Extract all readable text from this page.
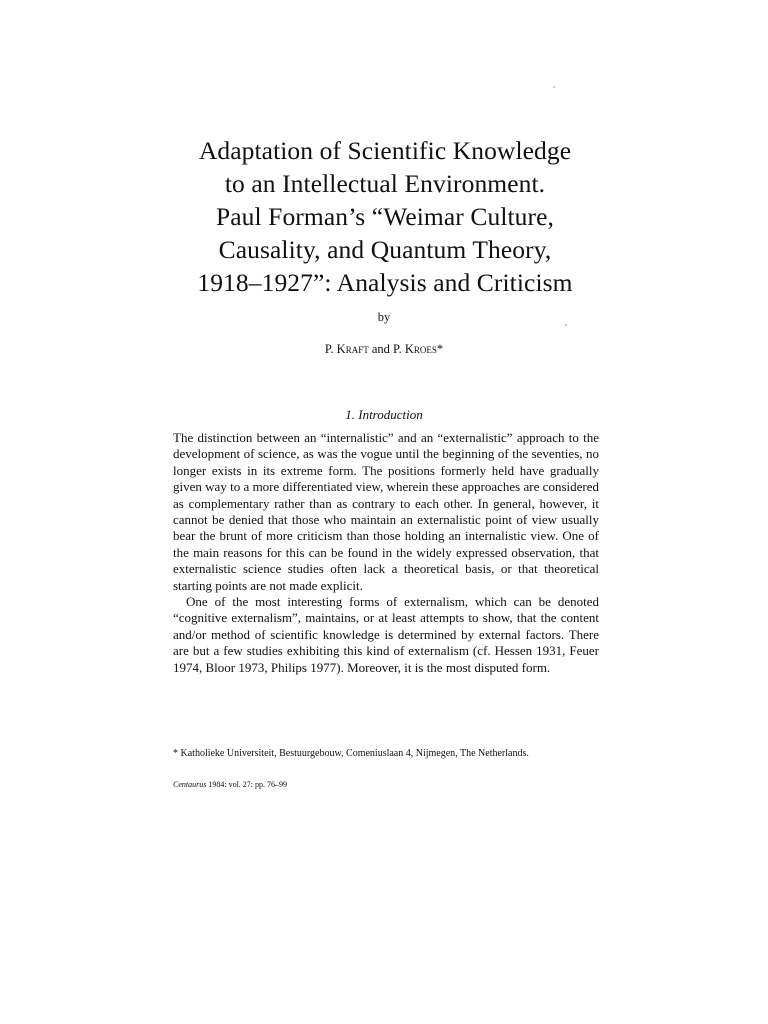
Adaptation of Scientific Knowledge
to an Intellectual Environment.
Paul Forman’s “Weimar Culture,
Causality, and Quantum Theory,
1918–1927”: Analysis and Criticism
by
P. Kraft and P. Kroes*
1. Introduction

The distinction between an “internalistic” and an “externalistic” approach to the development of science, as was the vogue until the beginning of the seventies, no longer exists in its extreme form. The positions formerly held have gradually given way to a more differentiated view, wherein these approaches are considered as complementary rather than as contrary to each other. In general, however, it cannot be denied that those who maintain an externalistic point of view usually bear the brunt of more criticism than those holding an internalistic view. One of the main reasons for this can be found in the widely expressed observation, that externalistic science studies often lack a theoretical basis, or that theoretical starting points are not made explicit.

One of the most interesting forms of externalism, which can be denoted “cognitive externalism”, maintains, or at least attempts to show, that the content and/or method of scientific knowledge is determined by external factors. There are but a few studies exhibiting this kind of externalism (cf. Hessen 1931, Feuer 1974, Bloor 1973, Philips 1977). Moreover, it is the most disputed form.

* Katholieke Universiteit, Bestuurgebouw, Comeniuslaan 4, Nijmegen, The Netherlands.
Centaurus 1984: vol. 27: pp. 76–99
